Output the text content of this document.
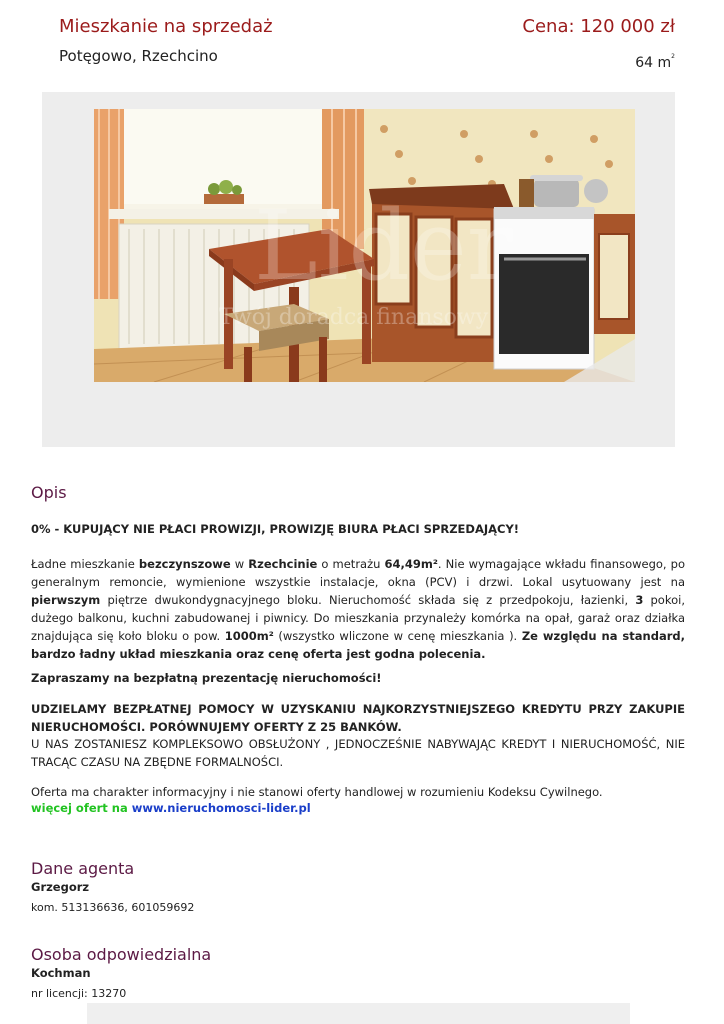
Mieszkanie na sprzedaż	Cena: 120 000 zł
Potęgowo, Rzechcino	64 $m^2$
Lider
Twój doradca finansowy
Opis
0% - KUPUJĄCY NIE PŁACI PROWIZJI, PROWIZJĘ BIURA PŁACI SPRZEDAJĄCY!
Ładne mieszkanie bezczynszowe w Rzechcinie o metrażu 64,49m². Nie wymagające wkładu finansowego, po generalnym remoncie, wymienione wszystkie instalacje, okna (PCV) i drzwi. Lokal usytuowany jest na pierwszym piętrze dwukondygnacyjnego bloku. Nieruchomość składa się z przedpokoju, łazienki, 3 pokoi, dużego balkonu, kuchni zabudowanej i piwnicy. Do mieszkania przynależy komórka na opał, garaż oraz działka znajdująca się koło bloku o pow. 1000m² (wszystko wliczone w cenę mieszkania ). Ze względu na standard, bardzo ładny układ mieszkania oraz cenę oferta jest godna polecenia.
Zapraszamy na bezpłatną prezentację nieruchomości!
UDZIELAMY BEZPŁATNEJ POMOCY W UZYSKANIU NAJKORZYSTNIEJSZEGO KREDYTU PRZY ZAKUPIE NIERUCHOMOŚCI. PORÓWNUJEMY OFERTY Z 25 BANKÓW.
U NAS ZOSTANIESZ KOMPLEKSOWO OBSŁUŻONY , JEDNOCZEŚNIE NABYWAJĄC KREDYT I NIERUCHOMOŚĆ, NIE TRACĄC CZASU NA ZBĘDNE FORMALNOŚCI.
Oferta ma charakter informacyjny i nie stanowi oferty handlowej w rozumieniu Kodeksu Cywilnego.
więcej ofert na www.nieruchomosci-lider.pl
Dane agenta
Grzegorz
kom. 513136636, 601059692
Osoba odpowiedzialna
Kochman
nr licencji: 13270
